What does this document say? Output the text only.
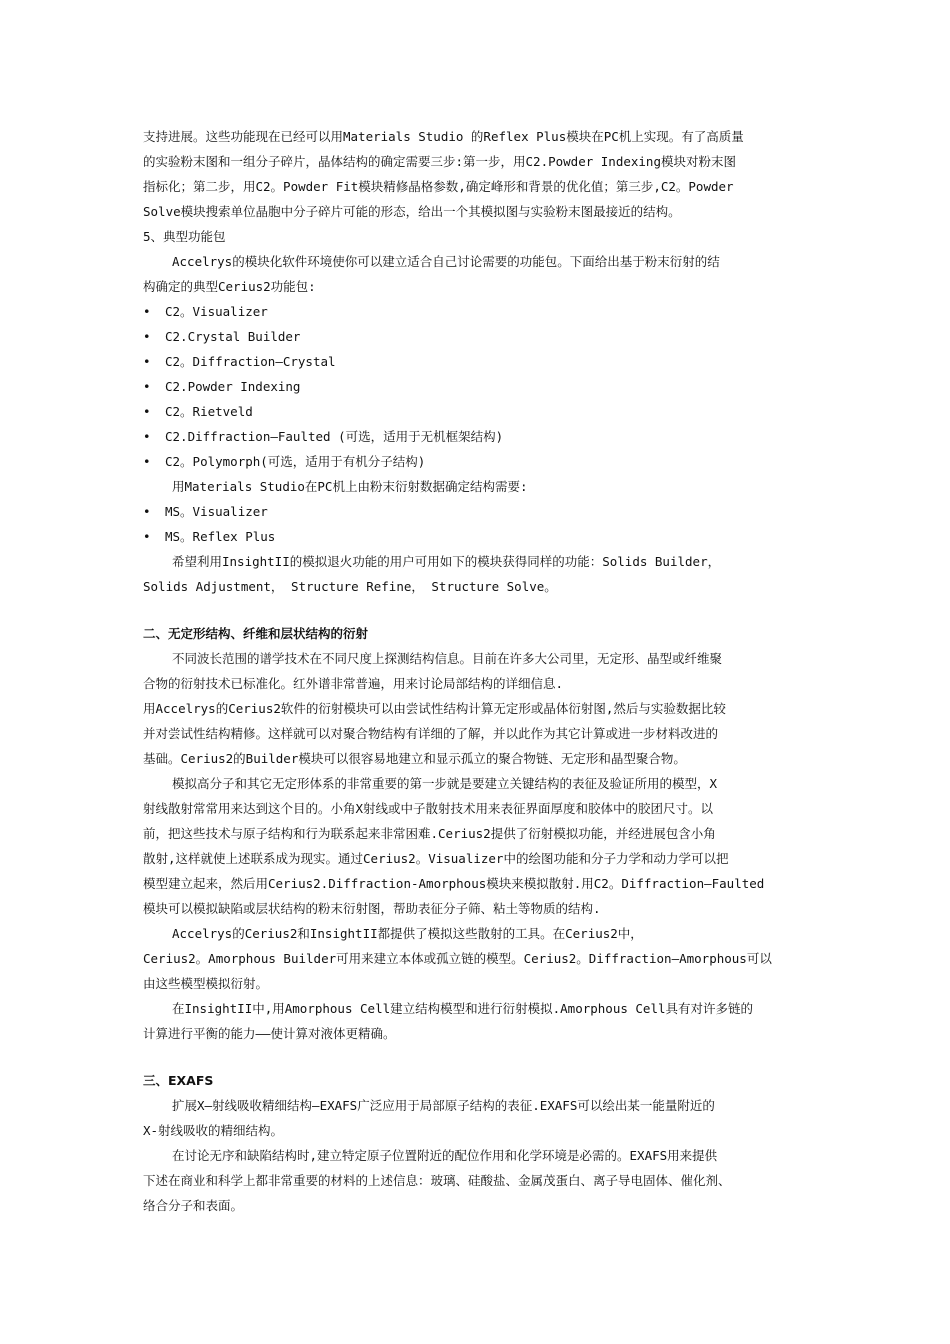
支持进展。这些功能现在已经可以用Materials Studio 的Reflex Plus模块在PC机上实现。有了高质量
的实验粉末图和一组分子碎片，晶体结构的确定需要三步:第一步，用C2.Powder Indexing模块对粉末图
指标化；第二步，用C2。Powder Fit模块精修晶格参数,确定峰形和背景的优化值；第三步,C2。Powder
Solve模块搜索单位晶胞中分子碎片可能的形态，给出一个其模拟图与实验粉末图最接近的结构。
5、典型功能包
Accelrys的模块化软件环境使你可以建立适合自己讨论需要的功能包。下面给出基于粉末衍射的结
构确定的典型Cerius2功能包:
•	C2。Visualizer
•	C2.Crystal Builder
•	C2。Diffraction—Crystal
•	C2.Powder Indexing
•	C2。Rietveld
•	C2.Diffraction—Faulted (可选，适用于无机框架结构)
•	C2。Polymorph(可选，适用于有机分子结构)
用Materials Studio在PC机上由粉末衍射数据确定结构需要:
•	MS。Visualizer
•	MS。Reflex Plus
希望利用InsightII的模拟退火功能的用户可用如下的模块获得同样的功能：Solids Builder，
Solids Adjustment， Structure Refine， Structure Solve。
二、无定形结构、纤维和层状结构的衍射
不同波长范围的谱学技术在不同尺度上探测结构信息。目前在许多大公司里，无定形、晶型或纤维聚
合物的衍射技术已标准化。红外谱非常普遍，用来讨论局部结构的详细信息.
用Accelrys的Cerius2软件的衍射模块可以由尝试性结构计算无定形或晶体衍射图,然后与实验数据比较
并对尝试性结构精修。这样就可以对聚合物结构有详细的了解，并以此作为其它计算或进一步材料改进的
基础。Cerius2的Builder模块可以很容易地建立和显示孤立的聚合物链、无定形和晶型聚合物。
模拟高分子和其它无定形体系的非常重要的第一步就是要建立关键结构的表征及验证所用的模型，X
射线散射常常用来达到这个目的。小角X射线或中子散射技术用来表征界面厚度和胶体中的胶团尺寸。以
前，把这些技术与原子结构和行为联系起来非常困难.Cerius2提供了衍射模拟功能，并经进展包含小角
散射,这样就使上述联系成为现实。通过Cerius2。Visualizer中的绘图功能和分子力学和动力学可以把
模型建立起来，然后用Cerius2.Diffraction-Amorphous模块来模拟散射.用C2。Diffraction—Faulted
模块可以模拟缺陷或层状结构的粉末衍射图，帮助表征分子筛、粘土等物质的结构.
Accelrys的Cerius2和InsightII都提供了模拟这些散射的工具。在Cerius2中，
Cerius2。Amorphous Builder可用来建立本体或孤立链的模型。Cerius2。Diffraction—Amorphous可以
由这些模型模拟衍射。
在InsightII中,用Amorphous Cell建立结构模型和进行衍射模拟.Amorphous Cell具有对许多链的
计算进行平衡的能力——使计算对液体更精确。
三、EXAFS
扩展X—射线吸收精细结构—EXAFS广泛应用于局部原子结构的表征.EXAFS可以绘出某一能量附近的
X-射线吸收的精细结构。
在讨论无序和缺陷结构时,建立特定原子位置附近的配位作用和化学环境是必需的。EXAFS用来提供
下述在商业和科学上都非常重要的材料的上述信息：玻璃、硅酸盐、金属茂蛋白、离子导电固体、催化剂、
络合分子和表面。
